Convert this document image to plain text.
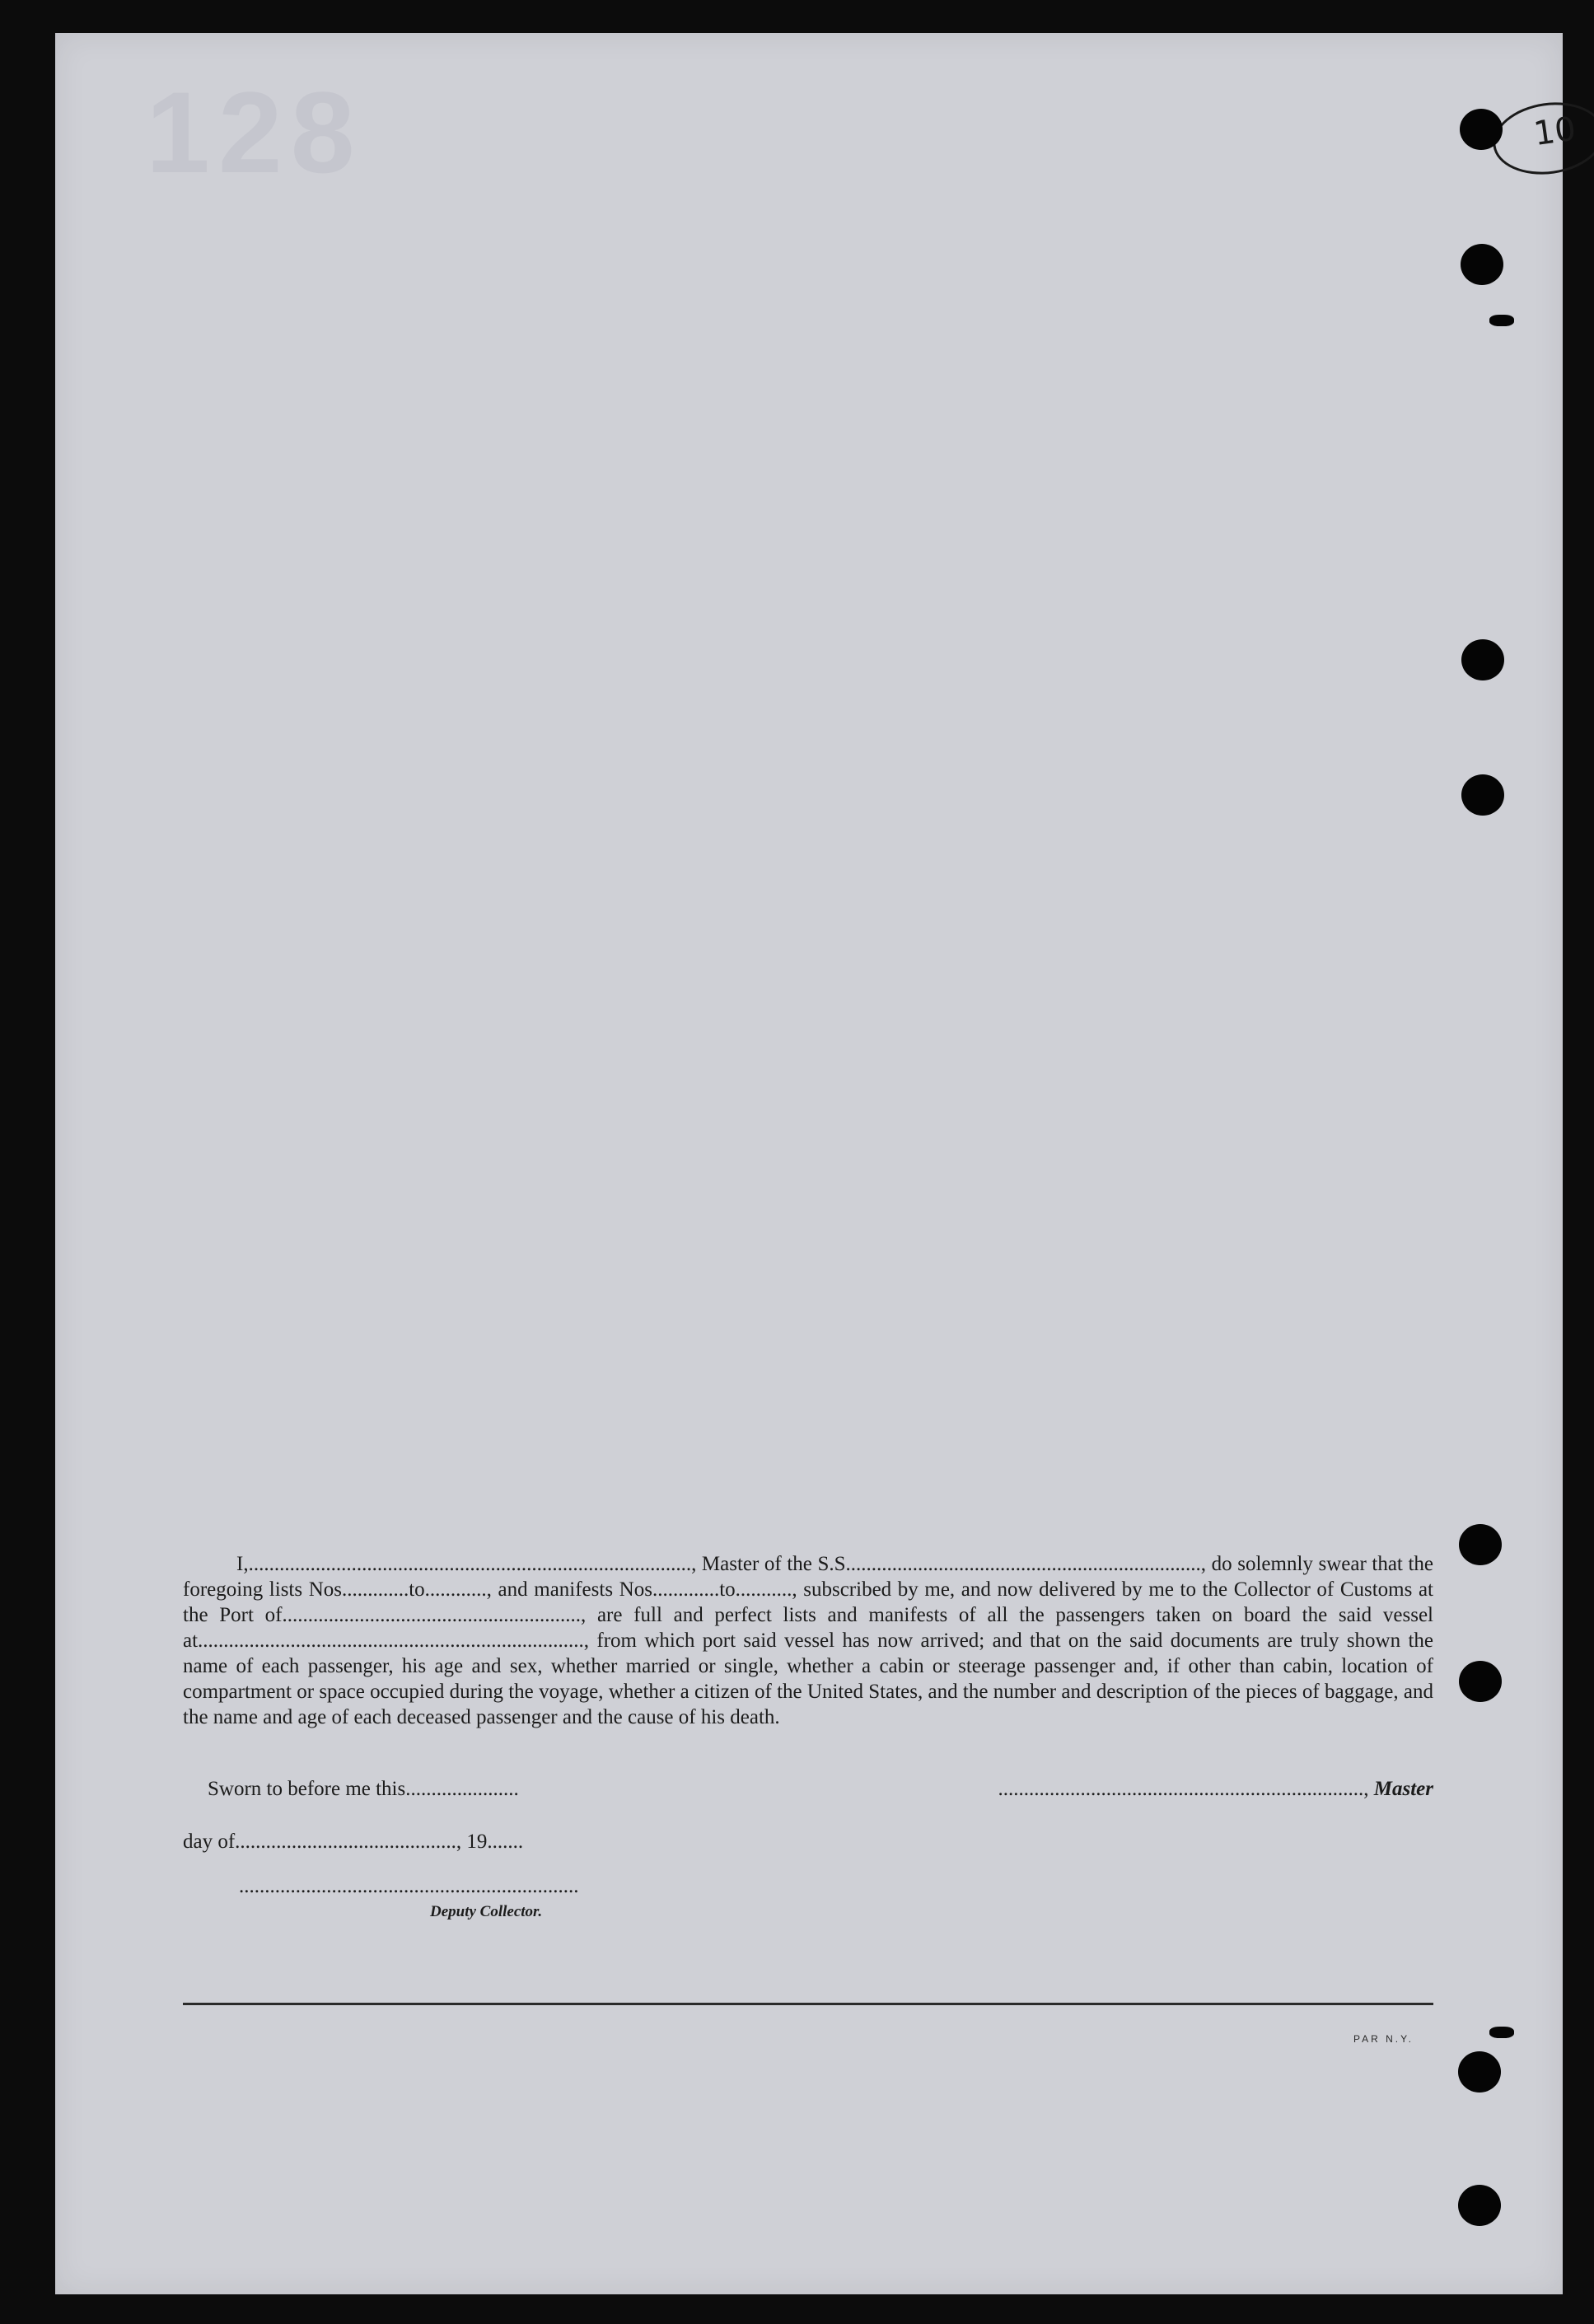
128	10

I,......................................................................................, Master of the S.S....................................................................., do solemnly swear that the foregoing lists Nos.............to............, and manifests Nos.............to..........., subscribed by me, and now delivered by me to the Collector of Customs at the Port of.........................................................., are full and perfect lists and manifests of all the passengers taken on board the said vessel at..........................................................................., from which port said vessel has now arrived; and that on the said documents are truly shown the name of each passenger, his age and sex, whether married or single, whether a cabin or steerage passenger and, if other than cabin, location of compartment or space occupied during the voyage, whether a citizen of the United States, and the number and description of the pieces of baggage, and the name and age of each deceased passenger and the cause of his death.

Sworn to before me this......................	......................................................................., Master
day of..........................................., 19.......
..................................................................
Deputy Collector.
PAR N.Y.
